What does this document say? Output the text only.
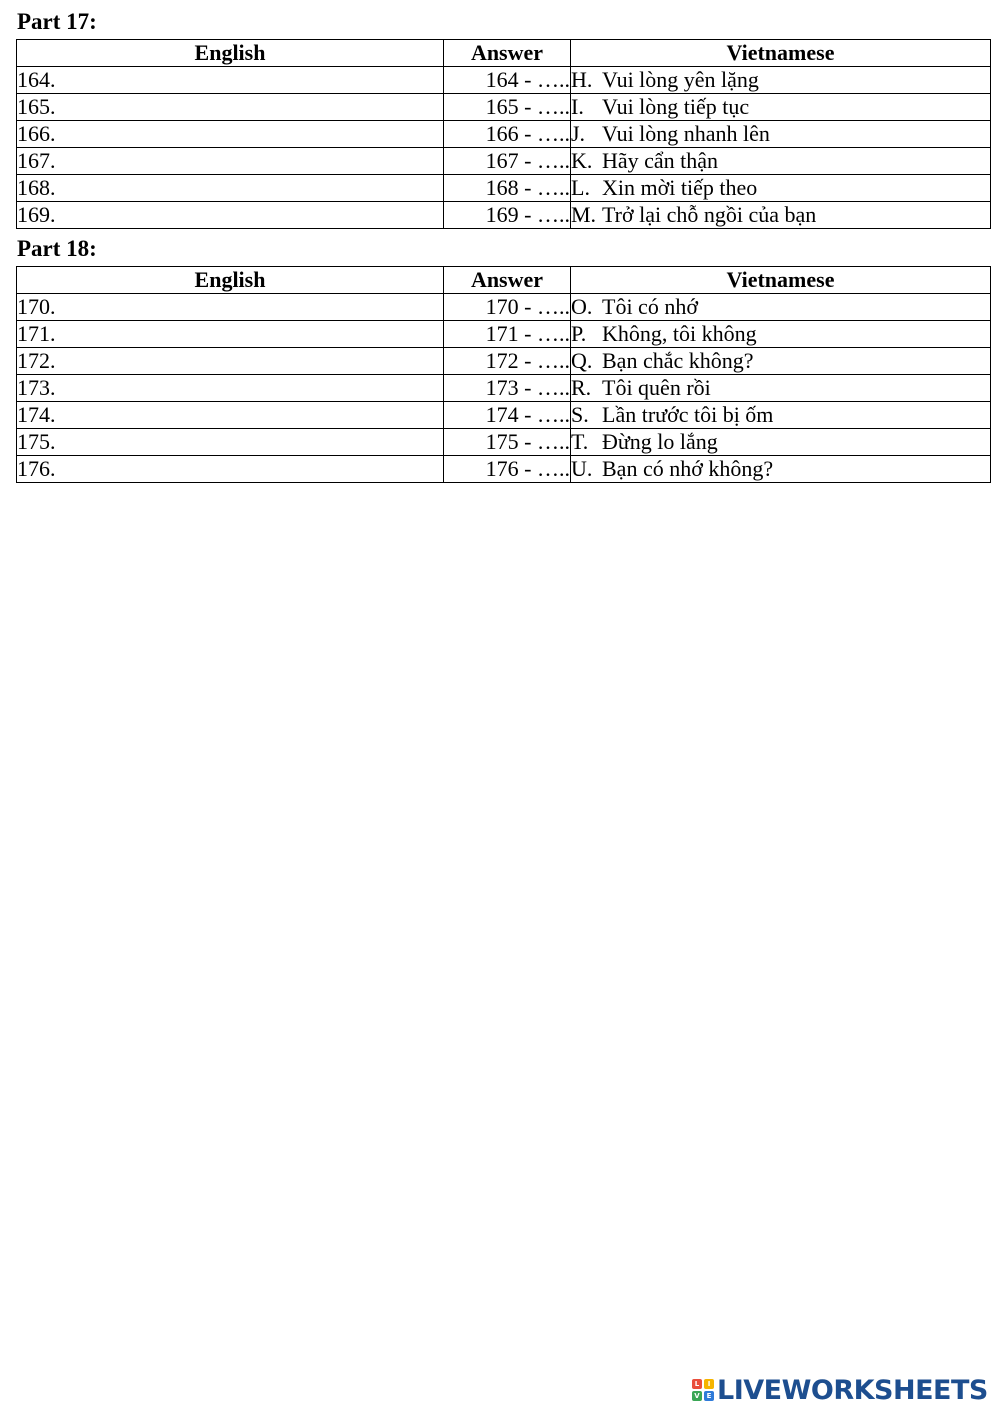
Part 17:
English	Answer	Vietnamese
164.	164 - …..	H. Vui lòng yên lặng
165.	165 - …..	I. Vui lòng tiếp tục
166.	166 - …..	J. Vui lòng nhanh lên
167.	167 - …..	K. Hãy cẩn thận
168.	168 - …..	L. Xin mời tiếp theo
169.	169 - …..	M. Trở lại chỗ ngồi của bạn
Part 18:
English	Answer	Vietnamese
170.	170 - …..	O. Tôi có nhớ
171.	171 - …..	P. Không, tôi không
172.	172 - …..	Q. Bạn chắc không?
173.	173 - …..	R. Tôi quên rồi
174.	174 - …..	S. Lần trước tôi bị ốm
175.	175 - …..	T. Đừng lo lắng
176.	176 - …..	U. Bạn có nhớ không?
L	I
V E LIVEWORKSHEETS
